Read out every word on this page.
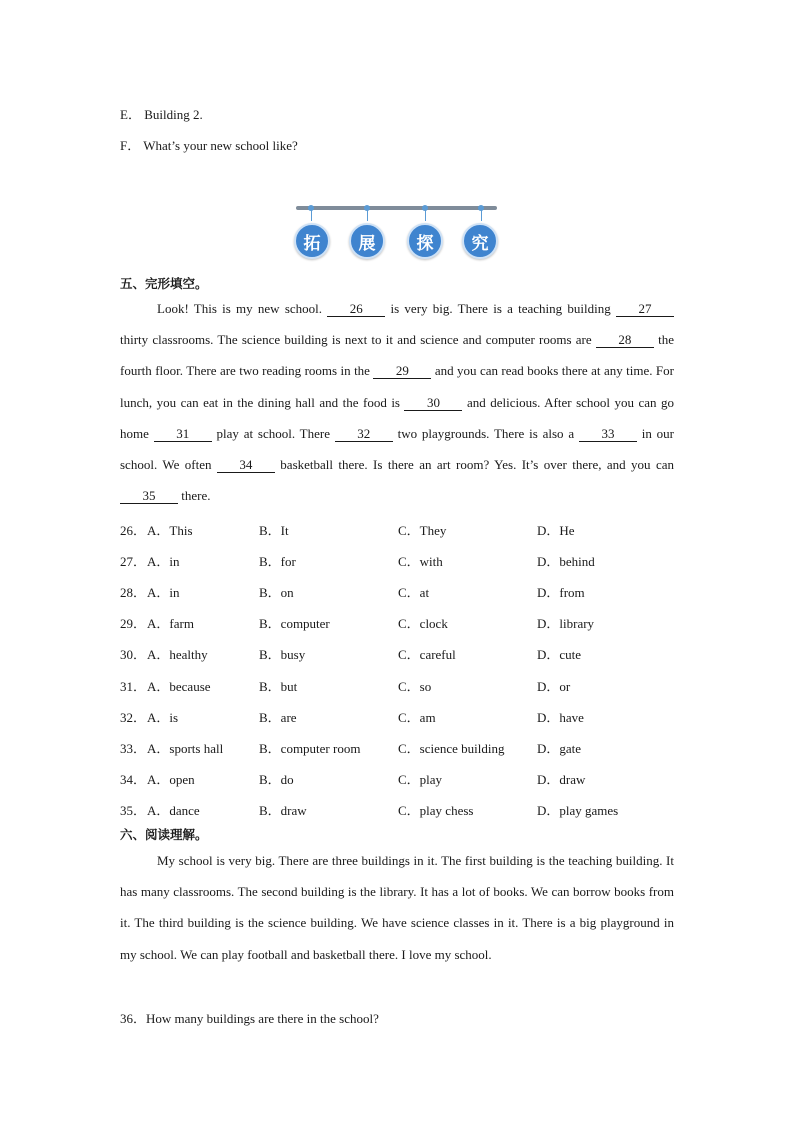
E． Building 2.
F． What’s your new school like?
拓	展	探	究
五、完形填空。
Look! This is my new school. 26 is very big. There is a teaching building 27 thirty classrooms. The science building is next to it and science and computer rooms are 28 the fourth floor. There are two reading rooms in the 29 and you can read books there at any time. For lunch, you can eat in the dining hall and the food is 30 and delicious. After school you can go home 31 play at school. There 32 two playgrounds. There is also a 33 in our school. We often 34 basketball there. Is there an art room? Yes. It’s over there, and you can 35 there.
26． A．This	B．It	C．They	D．He
27． A．in	B．for	C．with	D．behind
28． A．in	B．on	C．at	D．from
29． A．farm	B．computer	C．clock	D．library
30． A．healthy	B．busy	C．careful	D．cute
31． A．because	B．but	C．so	D．or
32． A．is	B．are	C．am	D．have
33． A．sports hall	B．computer room	C．science building D．gate
34． A．open	B．do	C．play	D．draw
35． A．dance	B．draw	C．play chess	D．play games
六、阅读理解。
My school is very big. There are three buildings in it. The first building is the teaching building. It has many classrooms. The second building is the library. It has a lot of books. We can borrow books from it. The third building is the science building. We have science classes in it. There is a big playground in my school. We can play football and basketball there. I love my school.
36．How many buildings are there in the school?
